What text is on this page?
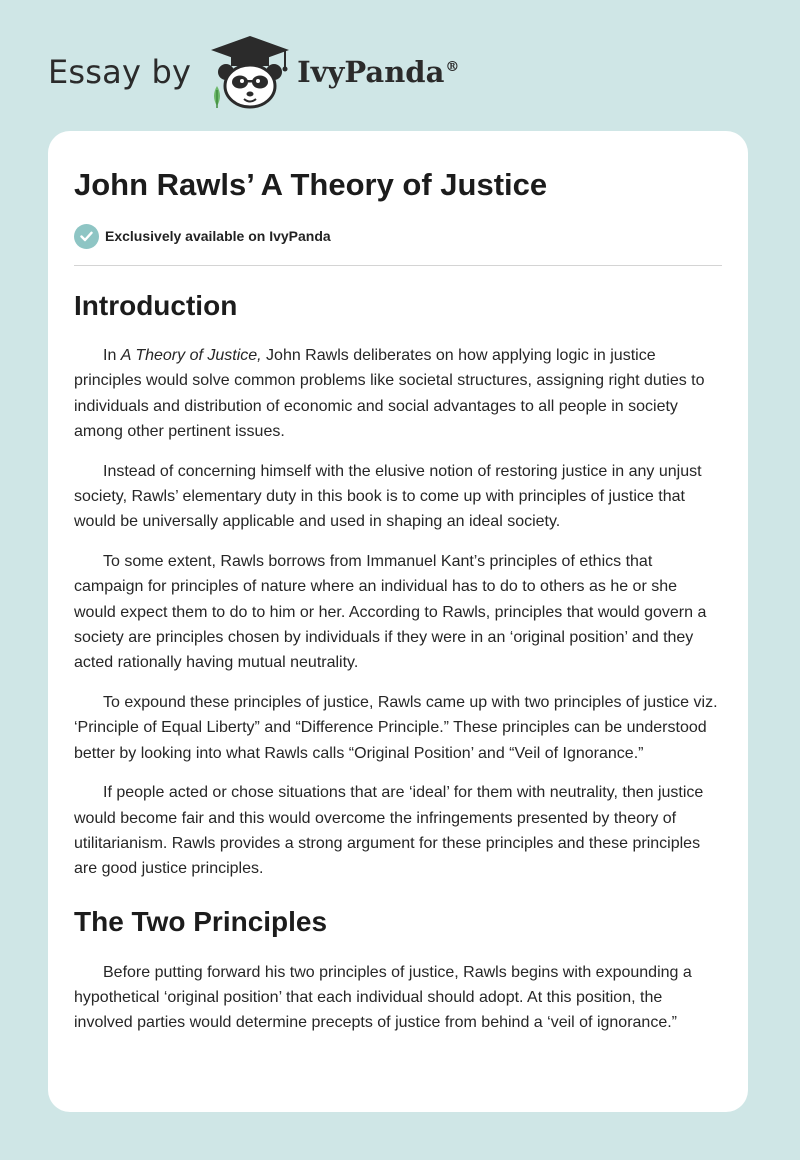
Essay by	IvyPanda®
John Rawls’ A Theory of Justice
Exclusively available on IvyPanda
Introduction

In A Theory of Justice, John Rawls deliberates on how applying logic in justice principles would solve common problems like societal structures, assigning right duties to individuals and distribution of economic and social advantages to all people in society among other pertinent issues.

Instead of concerning himself with the elusive notion of restoring justice in any unjust society, Rawls’ elementary duty in this book is to come up with principles of justice that would be universally applicable and used in shaping an ideal society.

To some extent, Rawls borrows from Immanuel Kant’s principles of ethics that campaign for principles of nature where an individual has to do to others as he or she would expect them to do to him or her. According to Rawls, principles that would govern a society are principles chosen by individuals if they were in an ‘original position’ and they acted rationally having mutual neutrality.

To expound these principles of justice, Rawls came up with two principles of justice viz. ‘Principle of Equal Liberty” and “Difference Principle.” These principles can be understood better by looking into what Rawls calls “Original Position’ and “Veil of Ignorance.”

If people acted or chose situations that are ‘ideal’ for them with neutrality, then justice would become fair and this would overcome the infringements presented by theory of utilitarianism. Rawls provides a strong argument for these principles and these principles are good justice principles.

The Two Principles

Before putting forward his two principles of justice, Rawls begins with expounding a hypothetical ‘original position’ that each individual should adopt. At this position, the involved parties would determine precepts of justice from behind a ‘veil of ignorance.”
